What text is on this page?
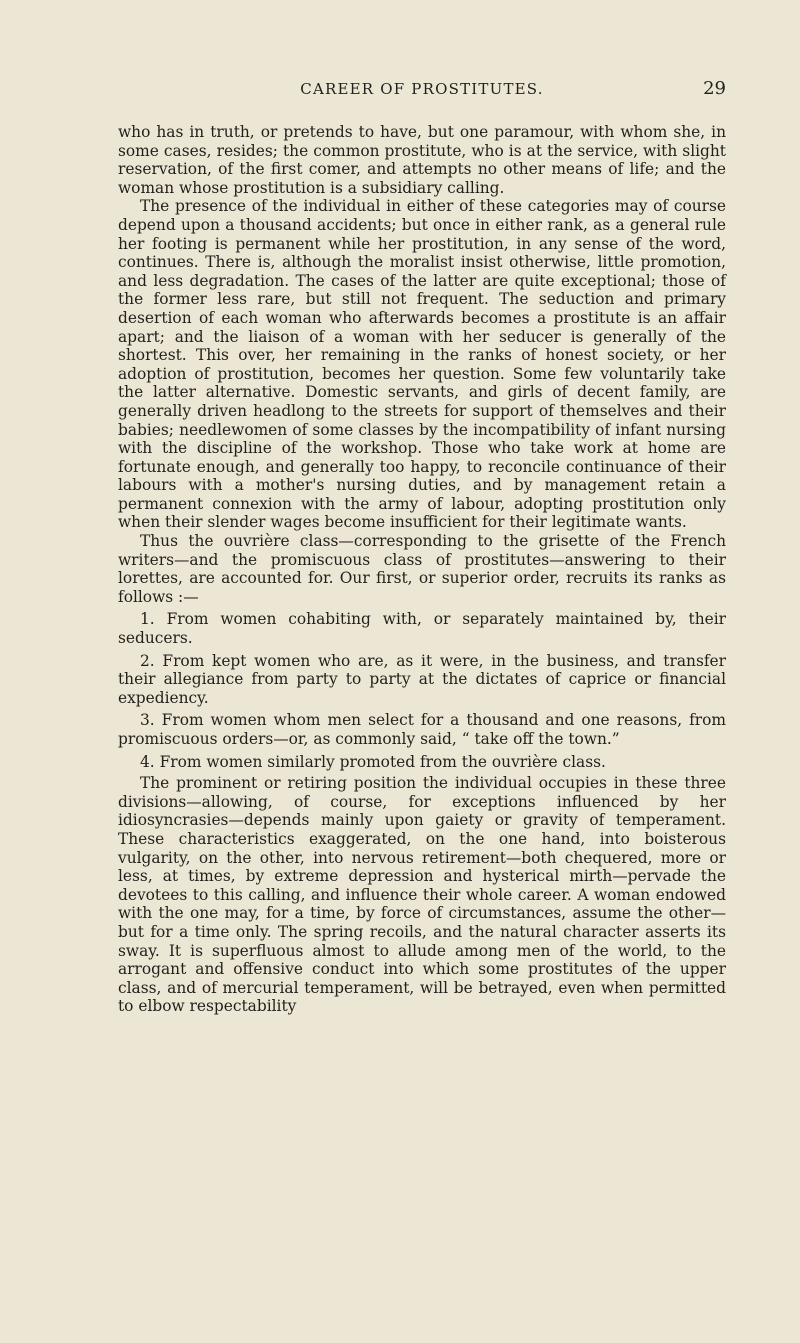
CAREER OF PROSTITUTES.	29

who has in truth, or pretends to have, but one paramour, with whom she, in some cases, resides; the common prostitute, who is at the service, with slight reservation, of the first comer, and attempts no other means of life; and the woman whose prostitution is a subsidiary calling.

The presence of the individual in either of these categories may of course depend upon a thousand accidents; but once in either rank, as a general rule her footing is permanent while her prostitution, in any sense of the word, continues. There is, although the moralist insist otherwise, little promotion, and less degradation. The cases of the latter are quite exceptional; those of the former less rare, but still not frequent. The seduction and primary desertion of each woman who afterwards becomes a prostitute is an affair apart; and the liaison of a woman with her seducer is generally of the shortest. This over, her remaining in the ranks of honest society, or her adoption of prostitution, becomes her question. Some few voluntarily take the latter alternative. Domestic servants, and girls of decent family, are generally driven headlong to the streets for support of themselves and their babies; needlewomen of some classes by the incompatibility of infant nursing with the discipline of the workshop. Those who take work at home are fortunate enough, and generally too happy, to reconcile continuance of their labours with a mother's nursing duties, and by management retain a permanent connexion with the army of labour, adopting prostitution only when their slender wages become insufficient for their legitimate wants.

Thus the ouvrière class—corresponding to the grisette of the French writers—and the promiscuous class of prostitutes—answering to their lorettes, are accounted for. Our first, or superior order, recruits its ranks as follows :—

1. From women cohabiting with, or separately maintained by, their seducers.

2. From kept women who are, as it were, in the business, and transfer their allegiance from party to party at the dictates of caprice or financial expediency.

3. From women whom men select for a thousand and one reasons, from promiscuous orders—or, as commonly said, “ take off the town.”

4. From women similarly promoted from the ouvrière class.

The prominent or retiring position the individual occupies in these three divisions—allowing, of course, for exceptions influenced by her idiosyncrasies—depends mainly upon gaiety or gravity of temperament. These characteristics exaggerated, on the one hand, into boisterous vulgarity, on the other, into nervous retirement—both chequered, more or less, at times, by extreme depression and hysterical mirth—pervade the devotees to this calling, and influence their whole career. A woman endowed with the one may, for a time, by force of circumstances, assume the other—but for a time only. The spring recoils, and the natural character asserts its sway. It is superfluous almost to allude among men of the world, to the arrogant and offensive conduct into which some prostitutes of the upper class, and of mercurial temperament, will be betrayed, even when permitted to elbow respectability
